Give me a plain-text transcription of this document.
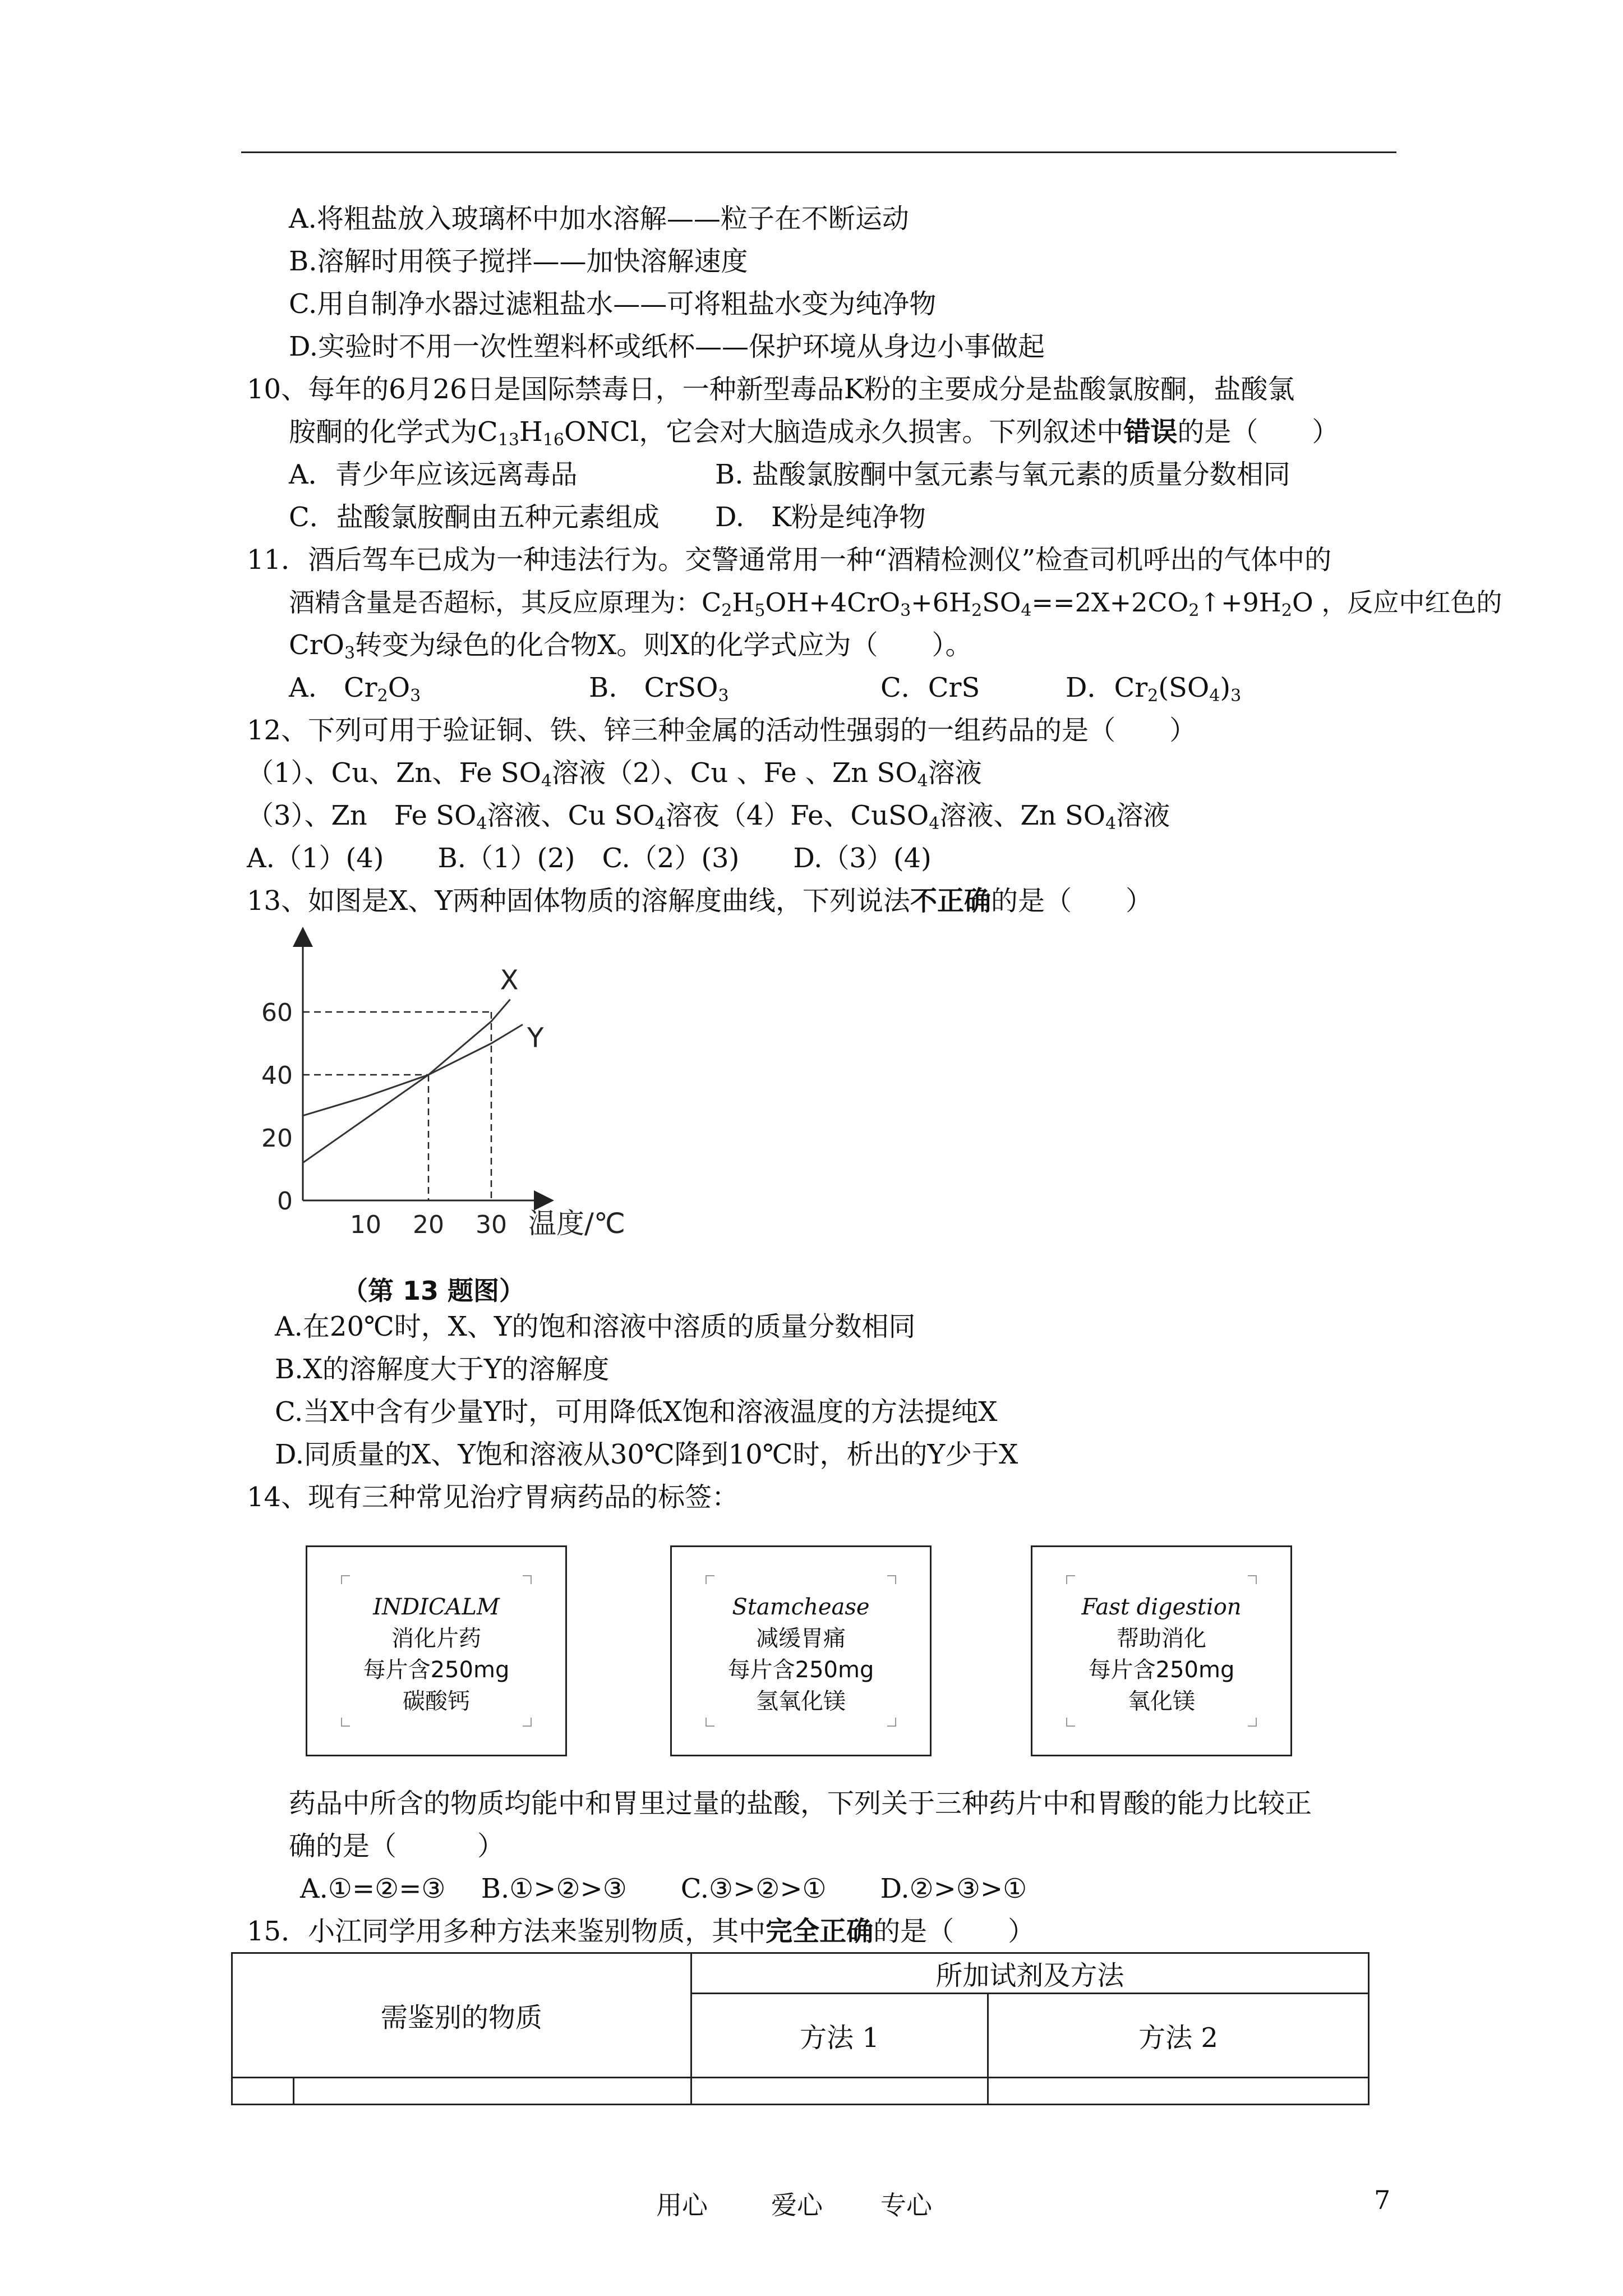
A.将粗盐放入玻璃杯中加水溶解——粒子在不断运动
B.溶解时用筷子搅拌——加快溶解速度
C.用自制净水器过滤粗盐水——可将粗盐水变为纯净物
D.实验时不用一次性塑料杯或纸杯——保护环境从身边小事做起
10、每年的6月26日是国际禁毒日，一种新型毒品K粉的主要成分是盐酸氯胺酮，盐酸氯
胺酮的化学式为$C_{13}H_{16}ONCl$，它会对大脑造成永久损害。下列叙述中错误的是（　　）
A．青少年应该远离毒品	B. 盐酸氯胺酮中氢元素与氧元素的质量分数相同
C．盐酸氯胺酮由五种元素组成 D.　K粉是纯净物
11．酒后驾车已成为一种违法行为。交警通常用一种“酒精检测仪”检查司机呼出的气体中的
酒精含量是否超标，其反应原理为：$C_2H_5OH+4CrO_3+6H_2SO_4==2X+2CO_2↑+9H_2O$ ，反应中红色的
CrO$_3$转变为绿色的化合物X。则X的化学式应为（　　）。
A.　$Cr_2O_3$	B.　CrSO$_3$	C．CrS	D．$Cr_2(SO_4)_3$
12、下列可用于验证铜、铁、锌三种金属的活动性强弱的一组药品的是（　　）
（1）、Cu、Zn、Fe $SO_4$溶液（2）、Cu 、Fe 、Zn $SO_4$溶液
（3）、Zn　Fe $SO_4$溶液、Cu $SO_4$溶夜（4）Fe、CuSO$_4$溶液、Zn $SO_4$溶液
A.（1）(4)　　B.（1）(2)　C.（2）(3)　　D.（3）(4)
13、如图是X、Y两种固体物质的溶解度曲线，下列说法不正确的是（　　）
X
Y
0
20
40
60
10 20 30 温度/℃
（第 13 题图）
A.在20℃时，X、Y的饱和溶液中溶质的质量分数相同
B.X的溶解度大于Y的溶解度
C.当X中含有少量Y时，可用降低X饱和溶液温度的方法提纯X
D.同质量的X、Y饱和溶液从30℃降到10℃时，析出的Y少于X
14、现有三种常见治疗胃病药品的标签：
INDICALM
消化片药
每片含250mg
碳酸钙
Stamchease
减缓胃痛
每片含250mg
氢氧化镁
Fast digestion
帮助消化
每片含250mg
氧化镁
药品中所含的物质均能中和胃里过量的盐酸，下列关于三种药片中和胃酸的能力比较正
确的是（　　　）
A.①=②=③　 B.①>②>③　　C.③>②>①　　D.②>③>①
15．小江同学用多种方法来鉴别物质，其中完全正确的是（　　）
需鉴别的物质		所加试剂及方法	
		方法 1	方法 2

用心 爱心 专心	7
